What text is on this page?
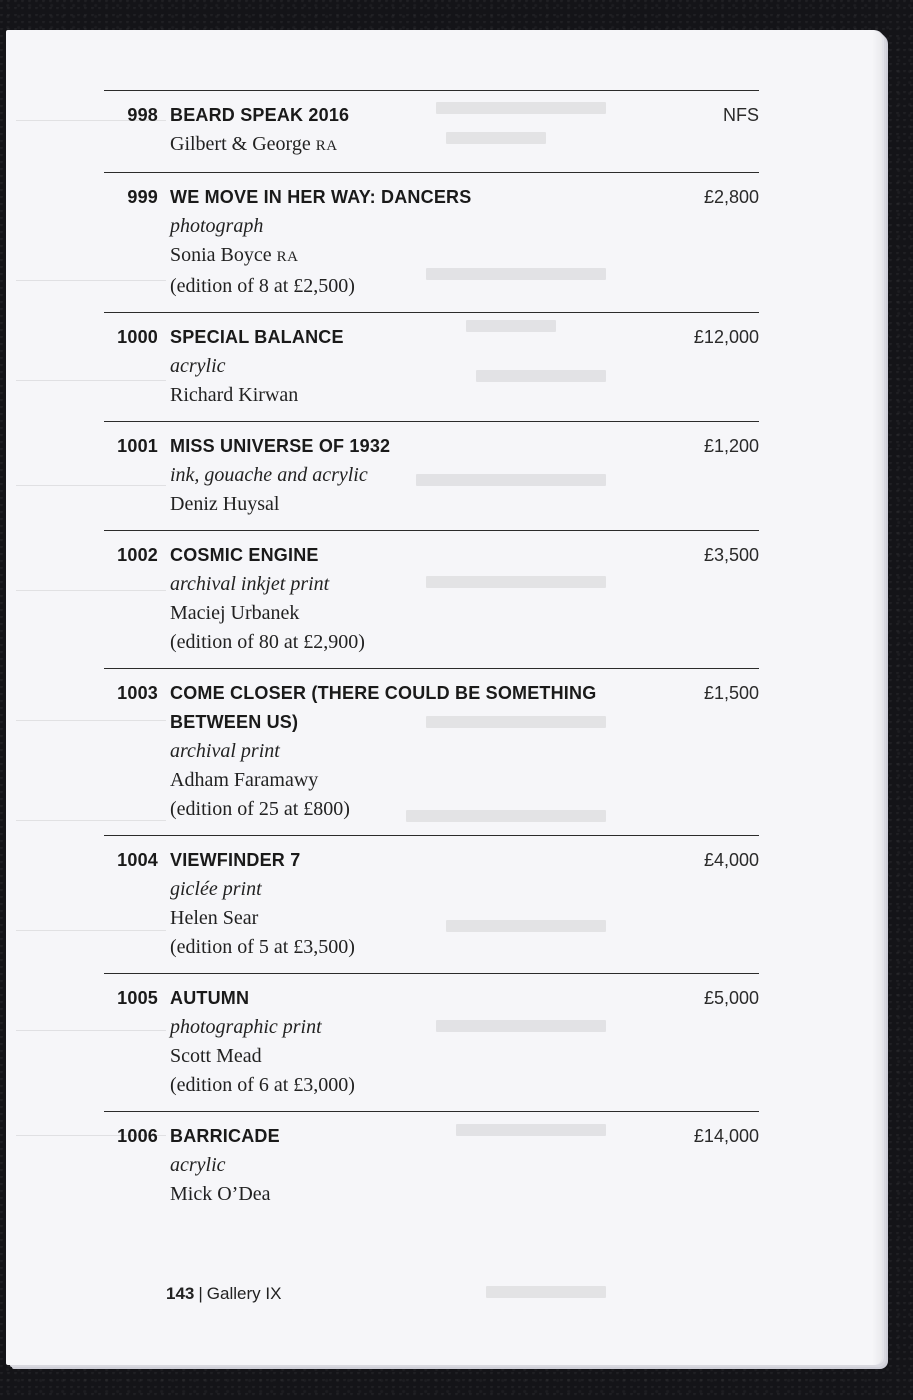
998 BEARD SPEAK 2016
Gilbert & George RA
NFS
999 WE MOVE IN HER WAY: DANCERS
photograph
Sonia Boyce RA
(edition of 8 at £2,500)
£2,800
1000 SPECIAL BALANCE
acrylic
Richard Kirwan
£12,000
1001 MISS UNIVERSE OF 1932
ink, gouache and acrylic
Deniz Huysal
£1,200
1002 COSMIC ENGINE
archival inkjet print
Maciej Urbanek
(edition of 80 at £2,900)
£3,500
1003 COME CLOSER (THERE COULD BE SOMETHING BETWEEN US)
archival print
Adham Faramawy
(edition of 25 at £800)
£1,500
1004 VIEWFINDER 7
giclée print
Helen Sear
(edition of 5 at £3,500)
£4,000
1005 AUTUMN
photographic print
Scott Mead
(edition of 6 at £3,000)
£5,000
1006 BARRICADE
acrylic
Mick O’Dea
£14,000
143 | Gallery IX
